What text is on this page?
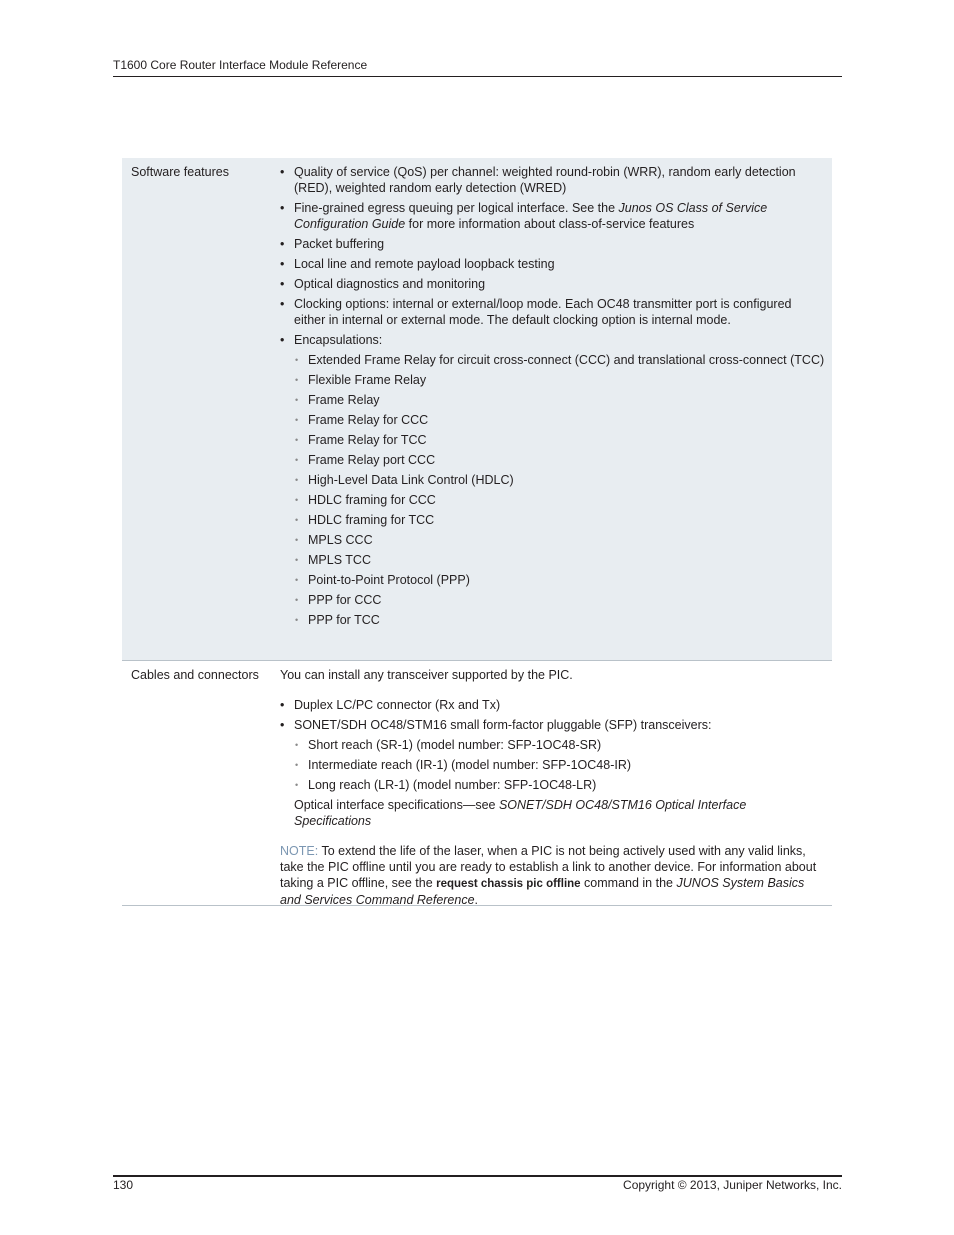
T1600 Core Router Interface Module Reference
Software features
•	Quality of service (QoS) per channel: weighted round-robin (WRR), random early detection (RED), weighted random early detection (WRED)
• Fine-grained egress queuing per logical interface. See the Junos OS Class of Service Configuration Guide for more information about class-of-service features
• Packet buffering
• Local line and remote payload loopback testing
• Optical diagnostics and monitoring
• Clocking options: internal or external/loop mode. Each OC48 transmitter port is configured either in internal or external mode. The default clocking option is internal mode.
• Encapsulations:
• Extended Frame Relay for circuit cross-connect (CCC) and translational cross-connect (TCC)
• Flexible Frame Relay
• Frame Relay
• Frame Relay for CCC
• Frame Relay for TCC
• Frame Relay port CCC
• High-Level Data Link Control (HDLC)
• HDLC framing for CCC
• HDLC framing for TCC
• MPLS CCC
• MPLS TCC
• Point-to-Point Protocol (PPP)
• PPP for CCC
• PPP for TCC
Cables and connectors	You can install any transceiver supported by the PIC.
• Duplex LC/PC connector (Rx and Tx)
• SONET/SDH OC48/STM16 small form-factor pluggable (SFP) transceivers:
• Short reach (SR-1) (model number: SFP-1OC48-SR)
• Intermediate reach (IR-1) (model number: SFP-1OC48-IR)
• Long reach (LR-1) (model number: SFP-1OC48-LR)
Optical interface specifications—see SONET/SDH OC48/STM16 Optical Interface Specifications
NOTE: To extend the life of the laser, when a PIC is not being actively used with any valid links, take the PIC offline until you are ready to establish a link to another device. For information about taking a PIC offline, see the request chassis pic offline command in the JUNOS System Basics and Services Command Reference.
130	Copyright © 2013, Juniper Networks, Inc.
